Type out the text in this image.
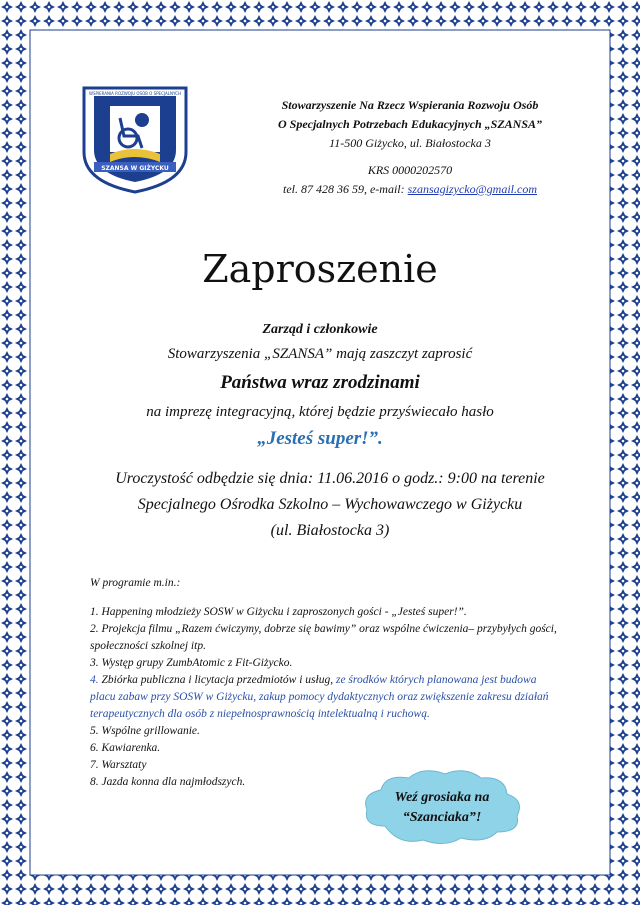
WSPIERANIA ROZWOJU OSÓB O SPECJALNYCH
SZANSA W GIŻYCKU
STOWARZYSZENIE NA RZECZ	POTRZEBACH EDUKACYJNYCH	Stowarzyszenie Na Rzecz Wspierania Rozwoju Osób
O Specjalnych Potrzebach Edukacyjnych „SZANSA”
11-500 Giżycko, ul. Białostocka 3
KRS 0000202570
tel. 87 428 36 59, e-mail: szansagizycko@gmail.com
Zaproszenie
Zarząd i członkowie
Stowarzyszenia „SZANSA” mają zaszczyt zaprosić
Państwa wraz zrodzinami
na imprezę integracyjną, której będzie przyświecało hasło
„Jesteś super!”.
Uroczystość odbędzie się dnia: 11.06.2016 o godz.: 9:00 na terenie
Specjalnego Ośrodka Szkolno – Wychowawczego w Giżycku
(ul. Białostocka 3)
W programie m.in.:

1. Happening młodzieży SOSW w Giżycku i zaproszonych gości - „Jesteś super!”.

2. Projekcja filmu „Razem ćwiczymy, dobrze się bawimy” oraz wspólne ćwiczenia– przybyłych gości, społeczności szkolnej itp.

3. Występ grupy ZumbAtomic z Fit-Giżycko.

4. Zbiórka publiczna i licytacja przedmiotów i usług, ze środków których planowana jest budowa placu zabaw przy SOSW w Giżycku, zakup pomocy dydaktycznych oraz zwiększenie zakresu działań terapeutycznych dla osób z niepełnosprawnością intelektualną i ruchową.

5. Wspólne grillowanie.

6. Kawiarenka.

7. Warsztaty

8. Jazda konna dla najmłodszych.

Weź grosiaka na
“Szanciaka”!
